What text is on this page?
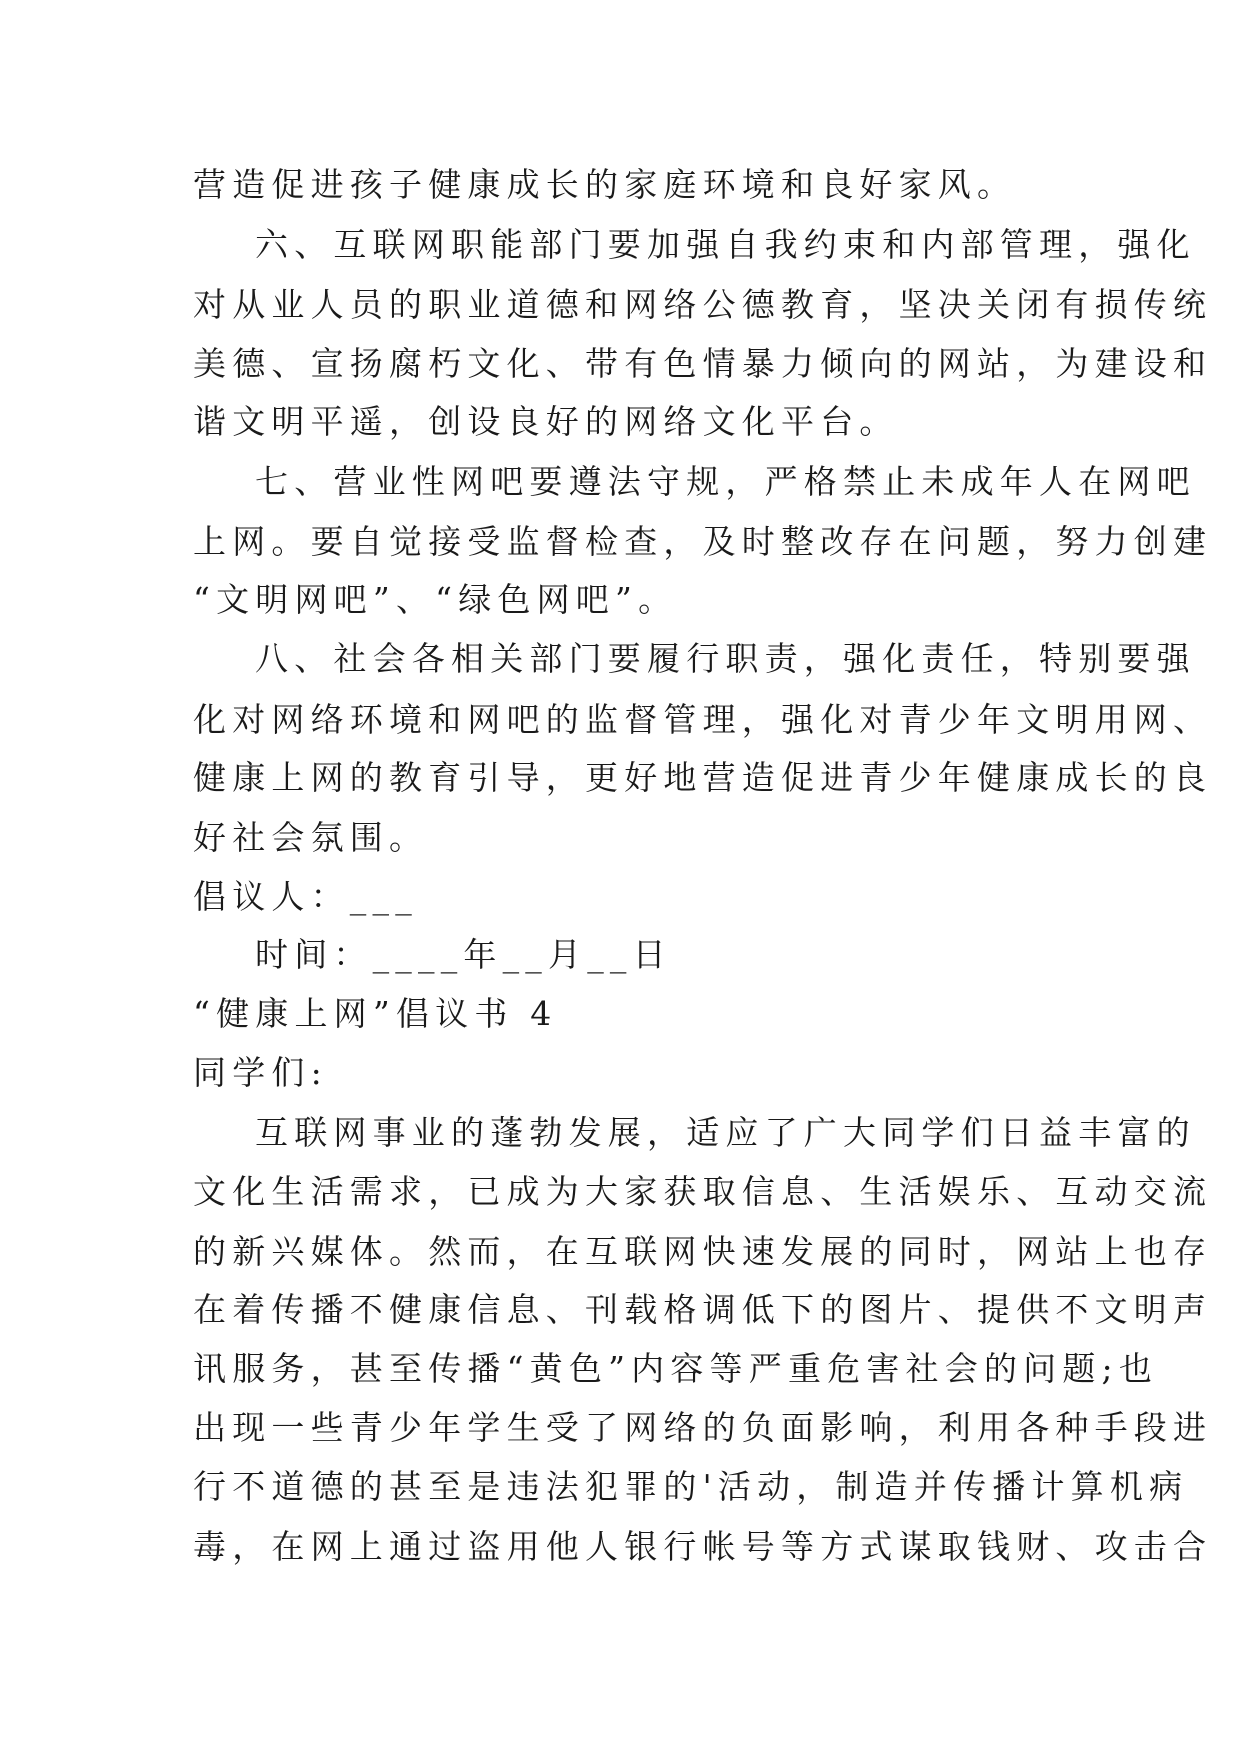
营造促进孩子健康成长的家庭环境和良好家风。
六、互联网职能部门要加强自我约束和内部管理，强化
对从业人员的职业道德和网络公德教育，坚决关闭有损传统
美德、宣扬腐朽文化、带有色情暴力倾向的网站，为建设和
谐文明平遥，创设良好的网络文化平台。
七、营业性网吧要遵法守规，严格禁止未成年人在网吧
上网。要自觉接受监督检查，及时整改存在问题，努力创建
“文明网吧”、“绿色网吧”。
八、社会各相关部门要履行职责，强化责任，特别要强
化对网络环境和网吧的监督管理，强化对青少年文明用网、
健康上网的教育引导，更好地营造促进青少年健康成长的良
好社会氛围。
倡议人：___
时间：____年__月__日
“健康上网”倡议书 4
同学们:
互联网事业的蓬勃发展，适应了广大同学们日益丰富的
文化生活需求，已成为大家获取信息、生活娱乐、互动交流
的新兴媒体。然而，在互联网快速发展的同时，网站上也存
在着传播不健康信息、刊载格调低下的图片、提供不文明声
讯服务，甚至传播“黄色”内容等严重危害社会的问题;也
出现一些青少年学生受了网络的负面影响，利用各种手段进
行不道德的甚至是违法犯罪的'活动，制造并传播计算机病
毒，在网上通过盗用他人银行帐号等方式谋取钱财、攻击合
